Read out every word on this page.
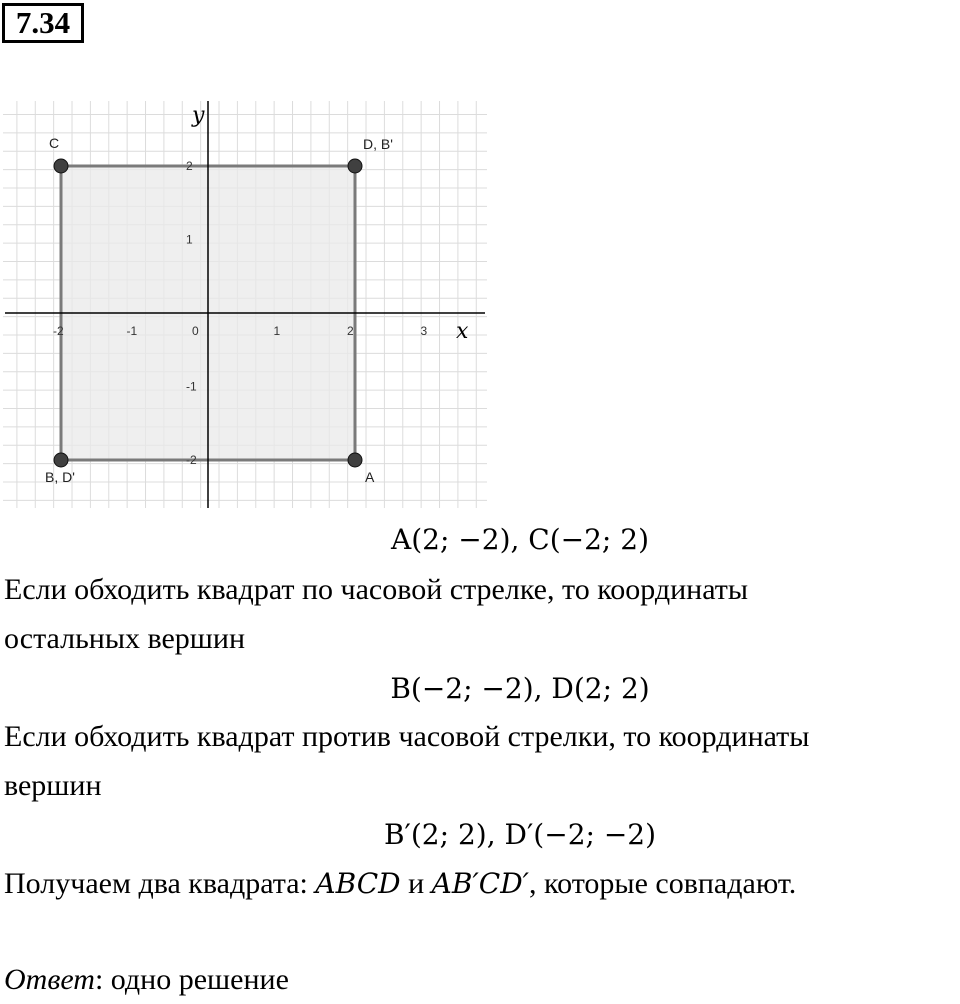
7.34
x
y
-2	-1	0	1	2	3
2
1
-1
-2
C	D, B'
B, D'	A
A(2; −2), C(−2; 2)
Если обходить квадрат по часовой стрелке, то координаты
остальных вершин
B(−2; −2), D(2; 2)
Если обходить квадрат против часовой стрелки, то координаты
вершин
B′(2; 2), D′(−2; −2)
Получаем два квадрата: ABCD и AB′CD′, которые совпадают.
Ответ: одно решение
